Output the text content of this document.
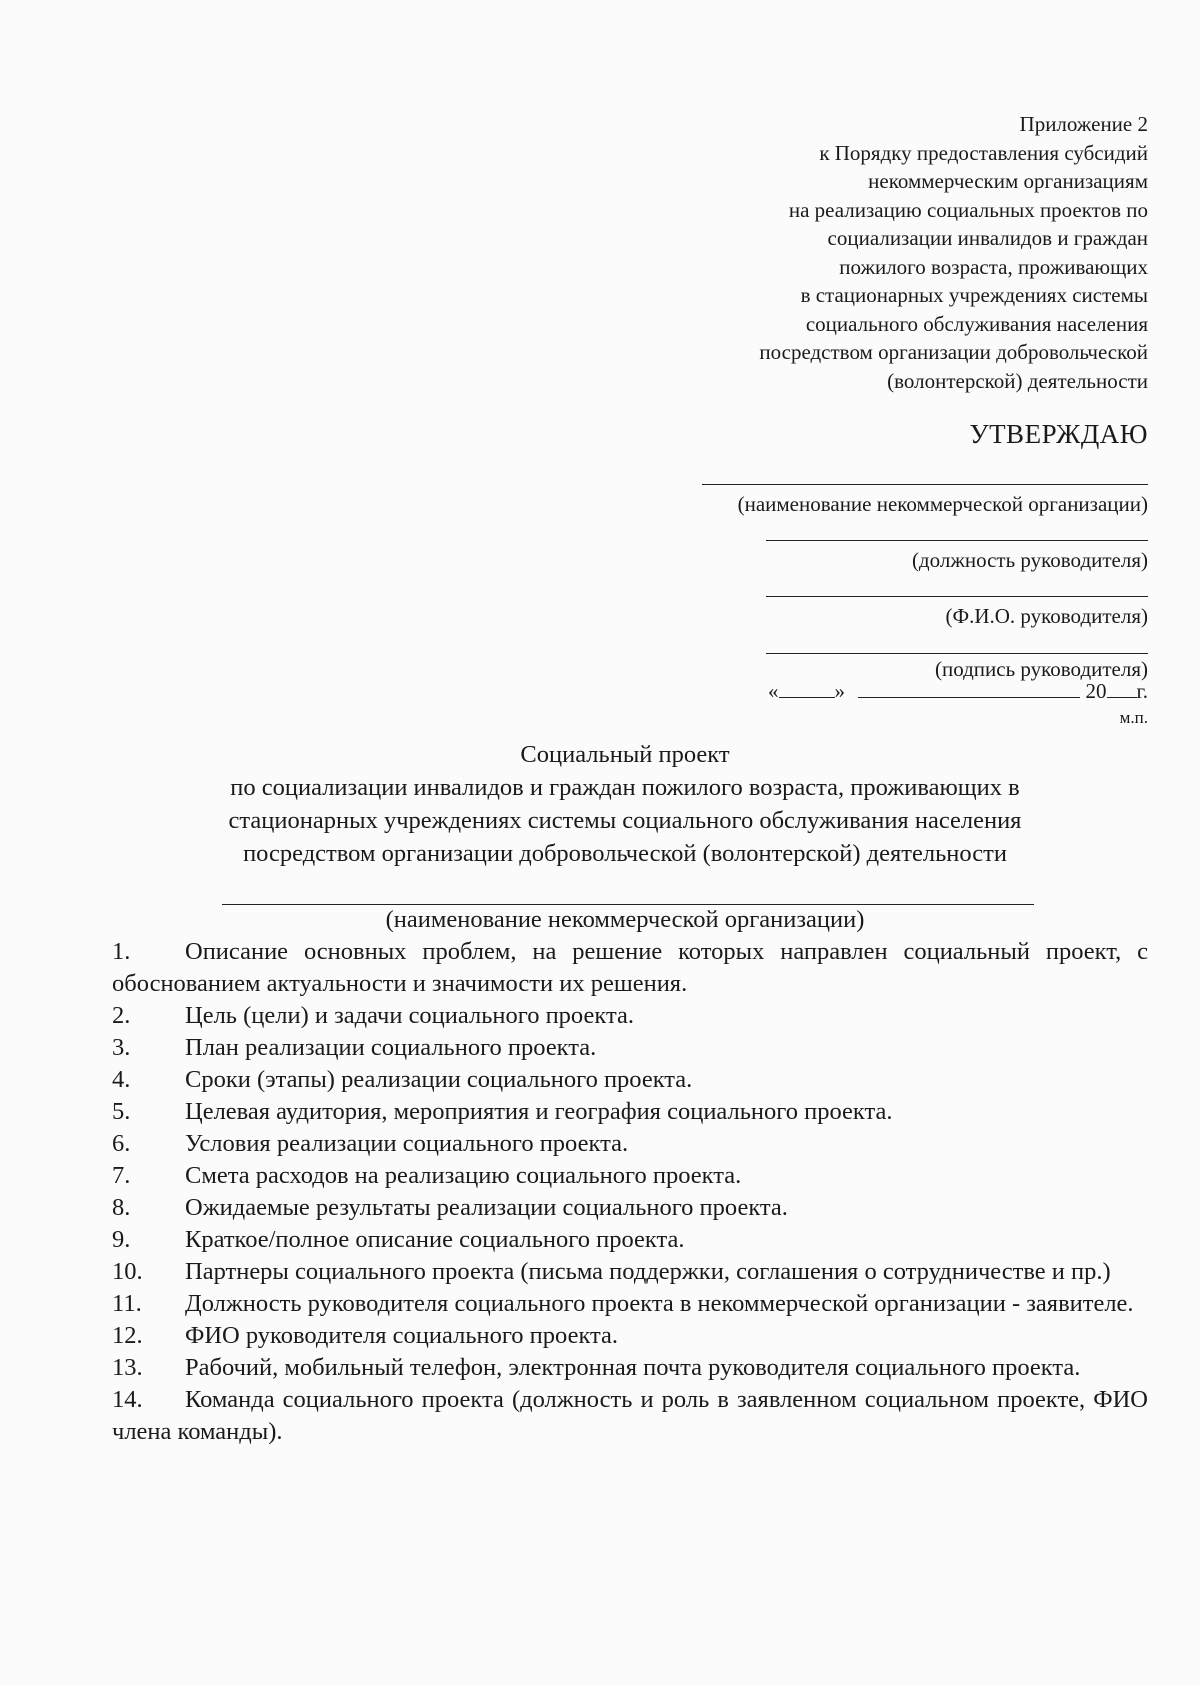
Приложение 2
к Порядку предоставления субсидий
некоммерческим организациям
на реализацию социальных проектов по
социализации инвалидов и граждан
пожилого возраста, проживающих
в стационарных учреждениях системы
социального обслуживания населения
посредством организации добровольческой
(волонтерской) деятельности
УТВЕРЖДАЮ
(наименование некоммерческой организации)
(должность руководителя)
(Ф.И.О. руководителя)
(подпись руководителя)
«	»	20 г.
м.п.
Социальный проект
по социализации инвалидов и граждан пожилого возраста, проживающих в
стационарных учреждениях системы социального обслуживания населения
посредством организации добровольческой (волонтерской) деятельности
(наименование некоммерческой организации)
1. Описание основных проблем, на решение которых направлен социальный проект, с обоснованием актуальности и значимости их решения.
2. Цель (цели) и задачи социального проекта.
3. План реализации социального проекта.
4. Сроки (этапы) реализации социального проекта.
5. Целевая аудитория, мероприятия и география социального проекта.
6. Условия реализации социального проекта.
7. Смета расходов на реализацию социального проекта.
8. Ожидаемые результаты реализации социального проекта.
9. Краткое/полное описание социального проекта.
10. Партнеры социального проекта (письма поддержки, соглашения о сотрудничестве и пр.)
11. Должность руководителя социального проекта в некоммерческой организации - заявителе.
12. ФИО руководителя социального проекта.
13. Рабочий, мобильный телефон, электронная почта руководителя социального проекта.
14. Команда социального проекта (должность и роль в заявленном социальном проекте, ФИО члена команды).
